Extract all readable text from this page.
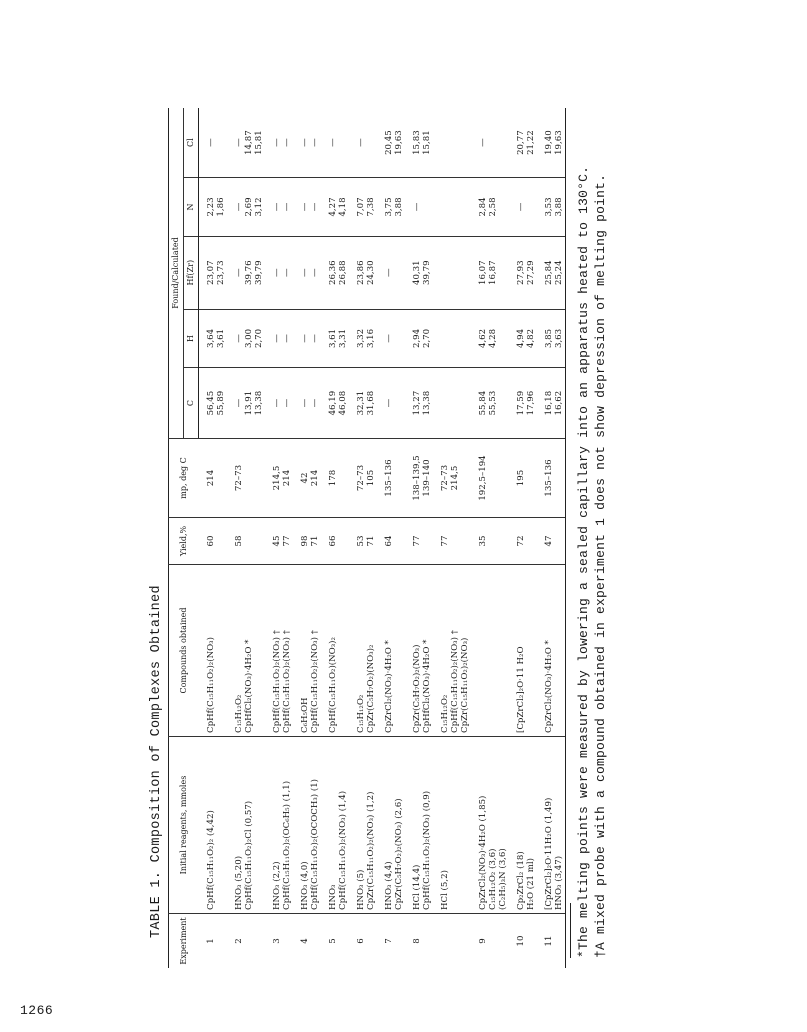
1266
TABLE 1. Composition of Complexes Obtained
Experiment	Initial reagents, mmoles	Compounds obtained	Yield,%	mp, deg C	Found/Calculated				
					C	H	Hf(Zr)	N	Cl

1	CpHf(C₁₅H₁₁O₂)₂ (4,42)	CpHf(C₁₅H₁₁O₂)₂(NO₃)	60	214	56,45 55,89	3,64 3,61	23,07 23,73	2,23 1,86	—

2	HNO₃ (5,20) CpHf(C₁₅H₁₁O₂)₂Cl (0,57)	C₁₅H₁₂O₂ CpHfCl₂(NO₃)·4H₂O *	58	72–73	— 13,91 13,38	— 3,00 2,70	— 39,76 39,79	— 2,69 3,12	— 14,87 15,81

3	HNO₃ (2,2) CpHf(C₁₅H₁₁O₂)₂(OC₆H₅) (1,1)	CpHf(C₁₅H₁₁O₂)₂(NO₃) † CpHf(C₁₅H₁₁O₂)₂(NO₃) †	45 77	214,5 214	— —	— —	— —	— —	— —

4	HNO₃ (4,0) CpHf(C₁₅H₁₁O₂)₂(OCOCH₃) (1)	C₆H₅OH CpHf(C₁₅H₁₁O₂)₂(NO₃) †	98 71	42 214	— —	— —	— —	— —	— —

5	HNO₃ CpHf(C₁₅H₁₁O₂)₂(NO₃) (1,4)	CpHf(C₁₅H₁₁O₂)(NO₃)₂	66	178	46,19 46,08	3,61 3,31	26,36 26,88	4,27 4,18	—

6	HNO₃ (5) CpZr(C₁₅H₁₁O₂)₂(NO₃) (1,2)	C₁₅H₁₂O₂ CpZr(C₅H₇O₂)(NO₃)₂	53 71	72–73 105	32,31 31,68	3,32 3,16	23,86 24,30	7,07 7,38	—

7	HNO₃ (4,4) CpZr(C₅H₇O₂)₂(NO₃) (2,6)	CpZrCl₂(NO₃)·4H₂O *	64	135–136	—	—	—	3,75 3,88	20,45 19,63

8	HCl (14,4) CpHf(C₁₅H₁₁O₂)₂(NO₃) (0,9)	CpZr(C₅H₇O₂)₂(NO₃) CpHfCl₂(NO₃)·4H₂O *	77	138–139,5 139–140	13,27 13,38	2,94 2,70	40,31 39,79	—	15,83 15,81

	HCl (5,2)	C₁₅H₁₂O₂ CpHf(C₁₅H₁₁O₂)₂(NO₃) † CpZr(C₁₅H₁₁O₂)₂(NO₃)	77	72–73 214,5					

9	CpZrCl₂(NO₃)·4H₂O (1,85) C₁₅H₁₂O₂ (3,6) (C₂H₅)₃N (3,6)		35	192,5–194	55,84 55,53	4,62 4,28	16,07 16,87	2,84 2,58	—

10	Cp₂ZrCl₂ (18) H₂O (21 ml)	[CpZrCl₂]₂O·11 H₂O	72	195	17,59 17,96	4,94 4,82	27,93 27,29	—	20,77 21,22

11	[CpZrCl₂]₂O·11H₂O (1,49) HNO₃ (3,47)	CpZrCl₂(NO₃)·4H₂O *	47	135–136	16,18 16,62	3,85 3,63	25,84 25,24	3,53 3,88	19,40 19,63
*The melting points were measured by lowering a sealed capillary into an apparatus heated to 130°C. †A mixed probe with a compound obtained in experiment 1 does not show depression of melting point.
